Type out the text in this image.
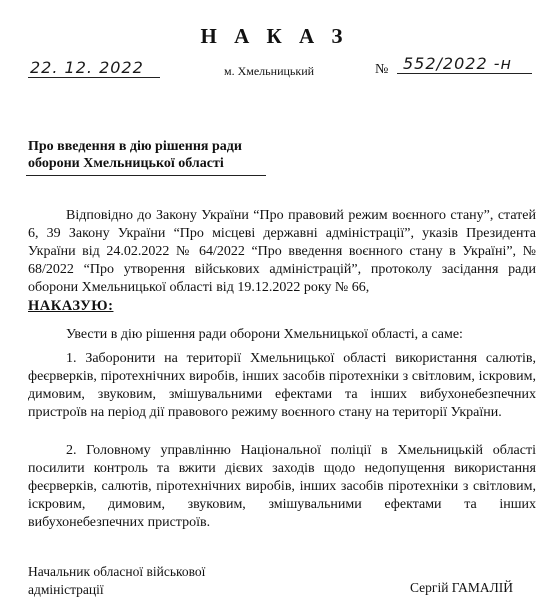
Н А К А З
22. 12. 2022	м. Хмельницький	№ 552/2022 -н
Про введення в дію рішення ради оборони Хмельницької області
Відповідно до Закону України “Про правовий режим воєнного стану”, статей 6, 39 Закону України “Про місцеві державні адміністрації”, указів Президента України від 24.02.2022 № 64/2022 “Про введення воєнного стану в Україні”, № 68/2022 “Про утворення військових адміністрацій”, протоколу засідання ради оборони Хмельницької області від 19.12.2022 року № 66,
НАКАЗУЮ:
Увести в дію рішення ради оборони Хмельницької області, а саме:
1. Заборонити на території Хмельницької області використання салютів, феєрверків, піротехнічних виробів, інших засобів піротехніки з світловим, іскровим, димовим, звуковим, змішувальними ефектами та інших вибухонебезпечних пристроїв на період дії правового режиму воєнного стану на території України.
2. Головному управлінню Національної поліції в Хмельницькій області посилити контроль та вжити дієвих заходів щодо недопущення використання феєрверків, салютів, піротехнічних виробів, інших засобів піротехніки з світловим, іскровим, димовим, звуковим, змішувальними ефектами та інших вибухонебезпечних пристроїв.
Начальник обласної військової
адміністрації	Сергій ГАМАЛІЙ
